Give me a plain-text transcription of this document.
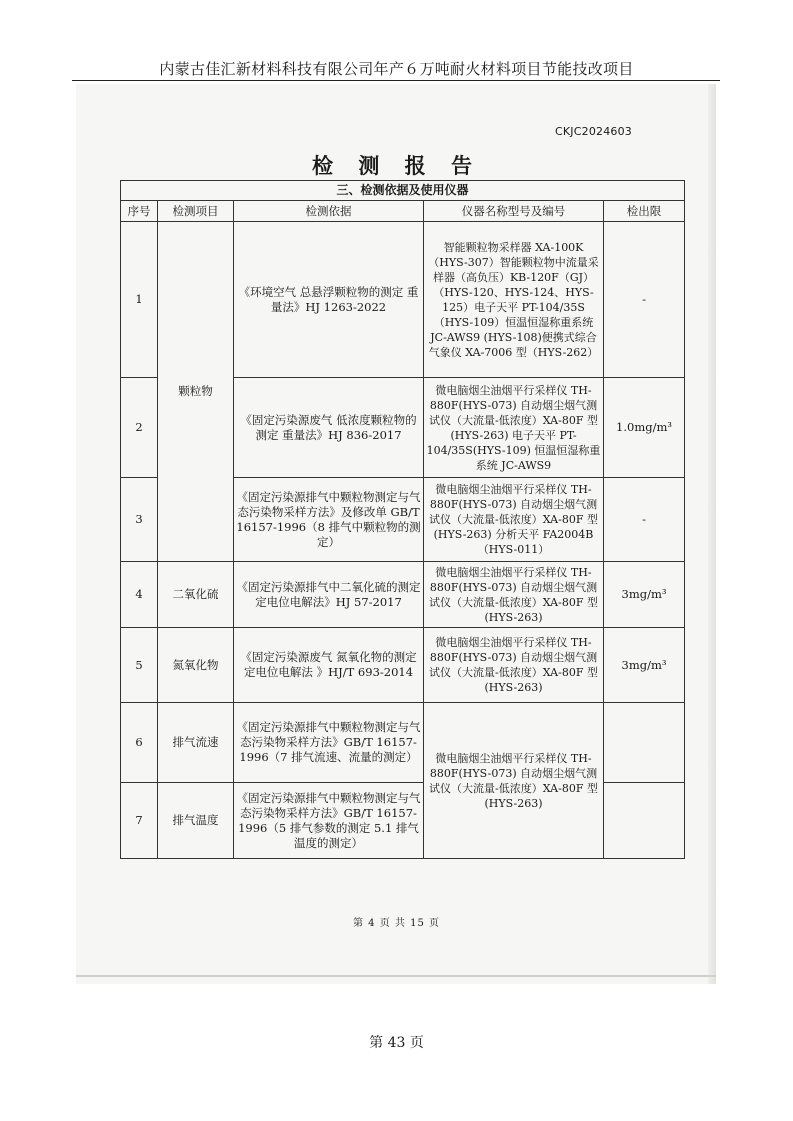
内蒙古佳汇新材料科技有限公司年产６万吨耐火材料项目节能技改项目
CKJC2024603
检 测 报 告
三、检测依据及使用仪器				
序号	检测项目	检测依据	仪器名称型号及编号	检出限
1	颗粒物	《环境空气 总悬浮颗粒物的测定 重量法》HJ 1263-2022	智能颗粒物采样器 XA-100K（HYS-307）智能颗粒物中流量采样器（高负压）KB-120F（GJ）（HYS-120、HYS-124、HYS-125）电子天平 PT-104/35S（HYS-109）恒温恒湿称重系统 JC-AWS9 (HYS-108)便携式综合气象仪 XA-7006 型（HYS-262）	-
2		《固定污染源废气 低浓度颗粒物的测定 重量法》HJ 836-2017	微电脑烟尘油烟平行采样仪 TH-880F(HYS-073) 自动烟尘烟气测试仪（大流量-低浓度）XA-80F 型(HYS-263) 电子天平 PT-104/35S(HYS-109) 恒温恒湿称重系统 JC-AWS9	1.0mg/m³
3		《固定污染源排气中颗粒物测定与气态污染物采样方法》及修改单 GB/T 16157-1996（8 排气中颗粒物的测定）	微电脑烟尘油烟平行采样仪 TH-880F(HYS-073) 自动烟尘烟气测试仪（大流量-低浓度）XA-80F 型(HYS-263) 分析天平 FA2004B（HYS-011）	-
4	二氧化硫	《固定污染源排气中二氧化硫的测定 定电位电解法》HJ 57-2017	微电脑烟尘油烟平行采样仪 TH-880F(HYS-073) 自动烟尘烟气测试仪（大流量-低浓度）XA-80F 型(HYS-263)	3mg/m³
5	氮氧化物	《固定污染源废气 氮氧化物的测定 定电位电解法 》HJ/T 693-2014	微电脑烟尘油烟平行采样仪 TH-880F(HYS-073) 自动烟尘烟气测试仪（大流量-低浓度）XA-80F 型(HYS-263)	3mg/m³
6	排气流速	《固定污染源排气中颗粒物测定与气态污染物采样方法》GB/T 16157-1996（7 排气流速、流量的测定）	微电脑烟尘油烟平行采样仪 TH-880F(HYS-073) 自动烟尘烟气测试仪（大流量-低浓度）XA-80F 型(HYS-263)	
7	排气温度	《固定污染源排气中颗粒物测定与气态污染物采样方法》GB/T 16157-1996（5 排气参数的测定 5.1 排气温度的测定）		
第 4 页 共 15 页
第 43 页
